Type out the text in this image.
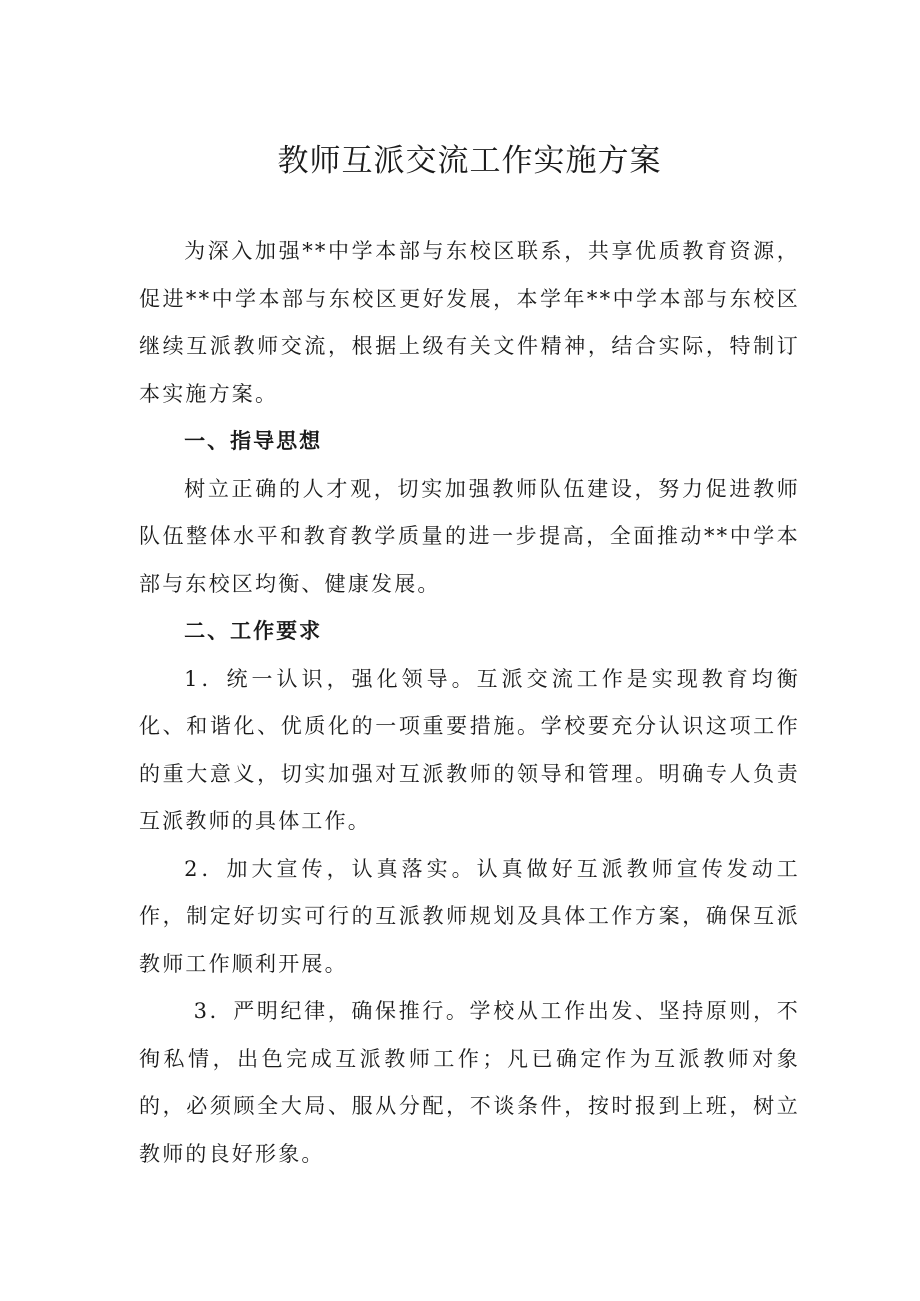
教师互派交流工作实施方案

为深入加强**中学本部与东校区联系，共享优质教育资源，促进**中学本部与东校区更好发展，本学年**中学本部与东校区继续互派教师交流，根据上级有关文件精神，结合实际，特制订本实施方案。

一、指导思想

树立正确的人才观，切实加强教师队伍建设，努力促进教师队伍整体水平和教育教学质量的进一步提高，全面推动**中学本部与东校区均衡、健康发展。

二、工作要求

1．统一认识，强化领导。互派交流工作是实现教育均衡化、和谐化、优质化的一项重要措施。学校要充分认识这项工作的重大意义，切实加强对互派教师的领导和管理。明确专人负责互派教师的具体工作。

2．加大宣传，认真落实。认真做好互派教师宣传发动工作，制定好切实可行的互派教师规划及具体工作方案，确保互派教师工作顺利开展。

3．严明纪律，确保推行。学校从工作出发、坚持原则，不徇私情，出色完成互派教师工作；凡已确定作为互派教师对象的，必须顾全大局、服从分配，不谈条件，按时报到上班，树立教师的良好形象。
